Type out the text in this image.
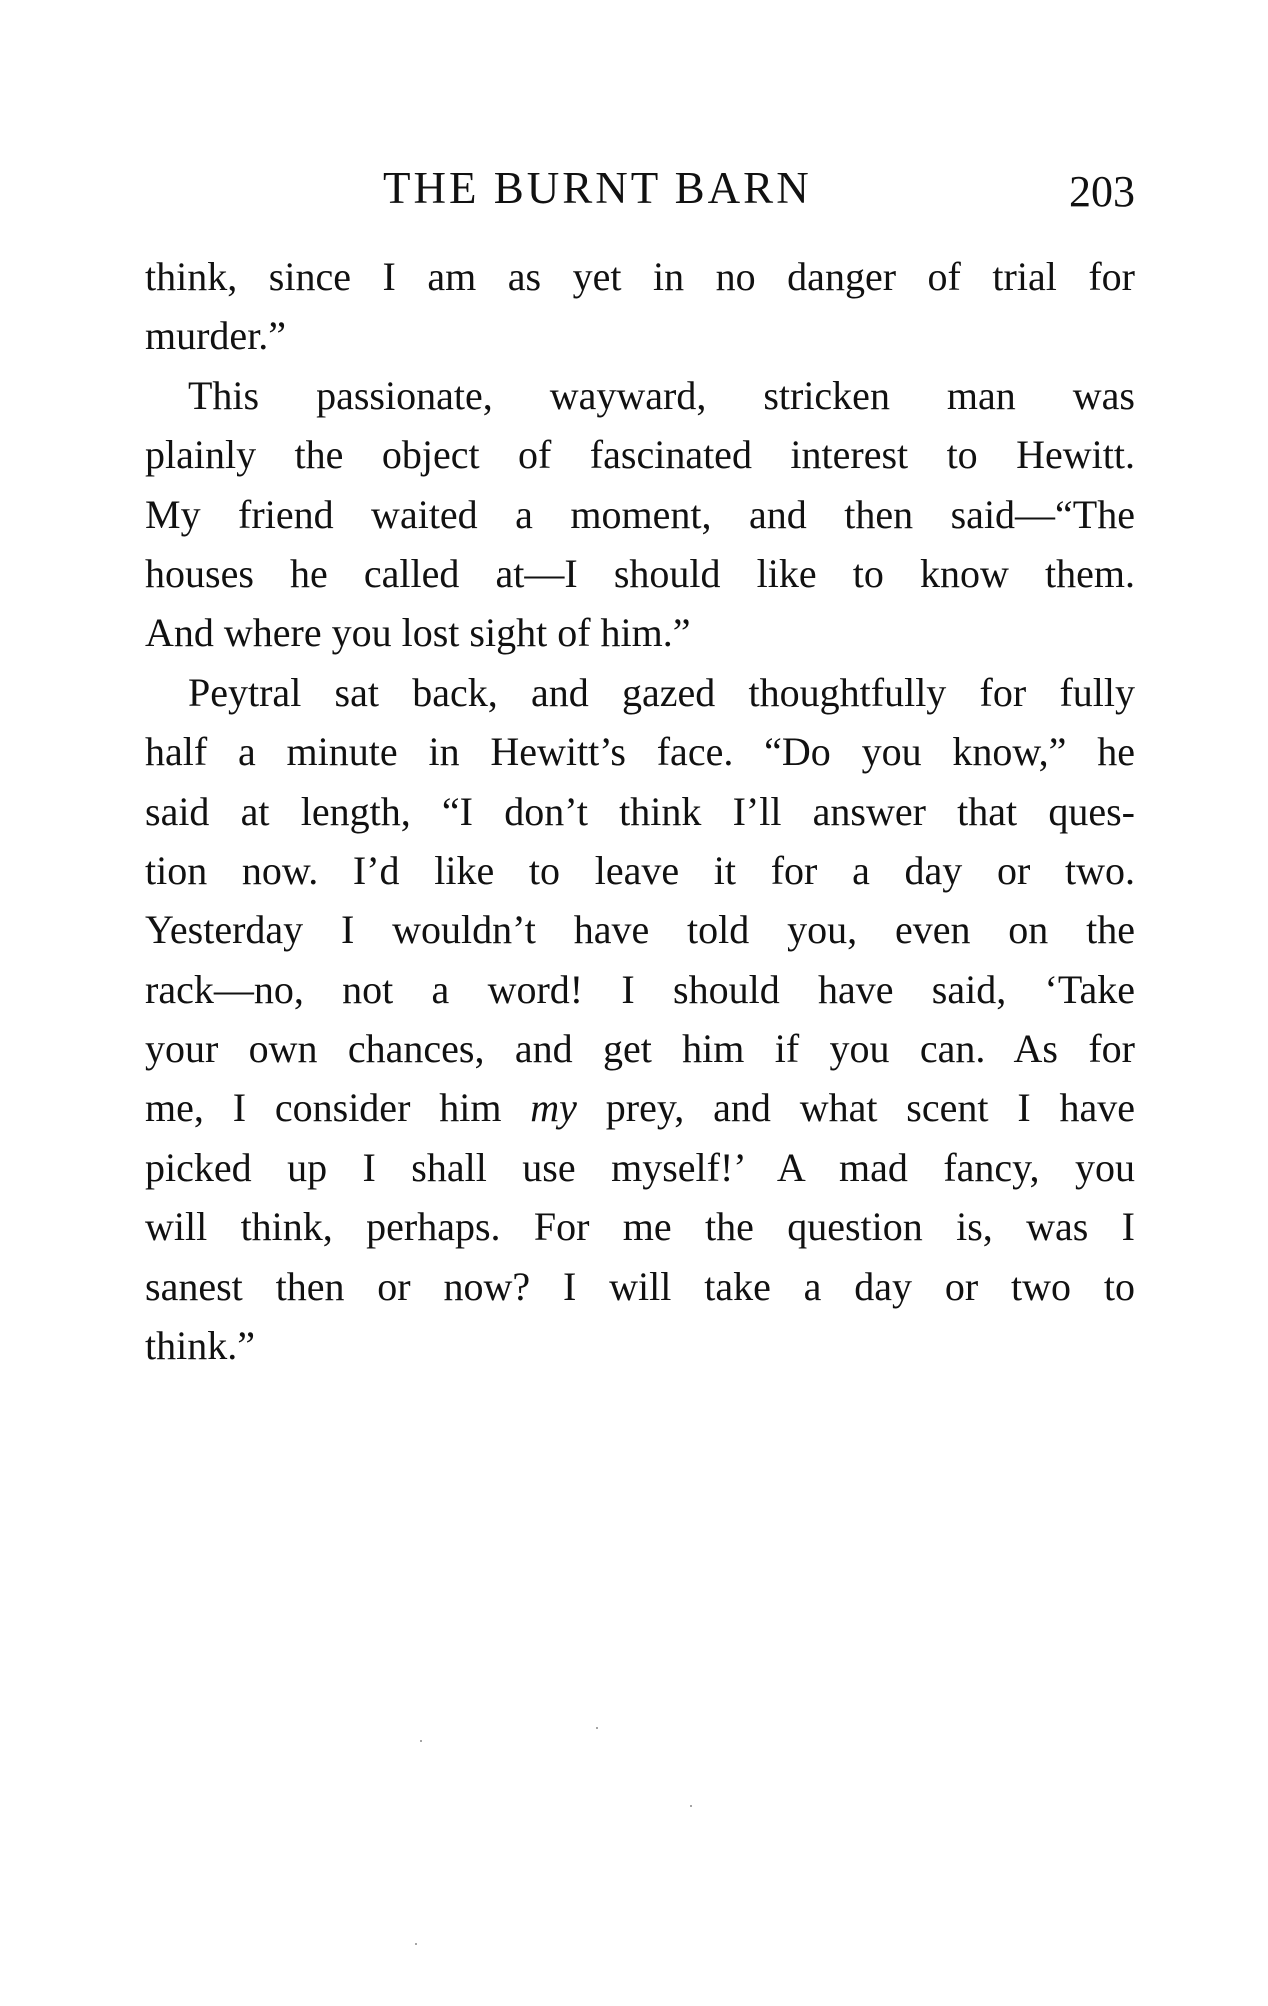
THE BURNT BARN	203
think, since I am as yet in no danger of trial for
murder.”
This passionate, wayward, stricken man was
plainly the object of fascinated interest to Hewitt.
My friend waited a moment, and then said—“The
houses he called at—I should like to know them.
And where you lost sight of him.”
Peytral sat back, and gazed thoughtfully for fully
half a minute in Hewitt’s face. “Do you know,” he
said at length, “I don’t think I’ll answer that ques-
tion now. I’d like to leave it for a day or two.
Yesterday I wouldn’t have told you, even on the
rack—no, not a word! I should have said, ‘Take
your own chances, and get him if you can. As for
me, I consider him my prey, and what scent I have
picked up I shall use myself!’ A mad fancy, you
will think, perhaps. For me the question is, was I
sanest then or now? I will take a day or two to
think.”
